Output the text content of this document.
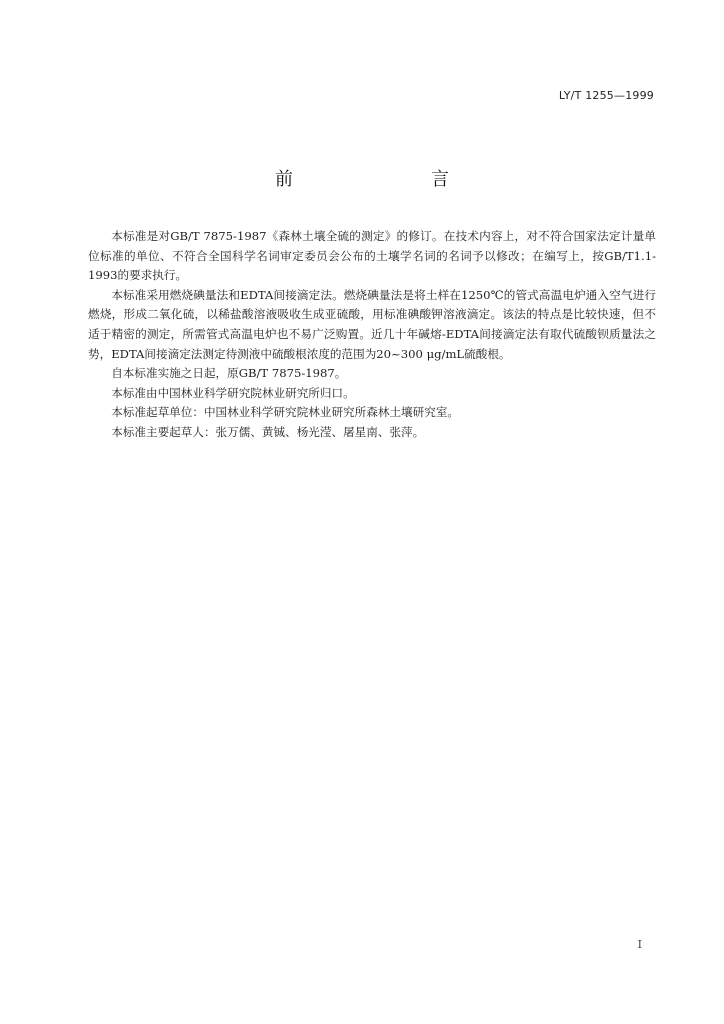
LY/T 1255—1999
前　　言

本标准是对GB/T 7875-1987《森林土壤全硫的测定》的修订。在技术内容上，对不符合国家法定计量单位标准的单位、不符合全国科学名词审定委员会公布的土壤学名词的名词予以修改；在编写上，按GB/T1.1-1993的要求执行。

本标准采用燃烧碘量法和EDTA间接滴定法。燃烧碘量法是将土样在1250℃的管式高温电炉通入空气进行燃烧，形成二氧化硫，以稀盐酸溶液吸收生成亚硫酸，用标准碘酸钾溶液滴定。该法的特点是比较快速，但不适于精密的测定，所需管式高温电炉也不易广泛购置。近几十年碱熔-EDTA间接滴定法有取代硫酸钡质量法之势，EDTA间接滴定法测定待测液中硫酸根浓度的范围为20~300 μg/mL硫酸根。

自本标准实施之日起，原GB/T 7875-1987。

本标准由中国林业科学研究院林业研究所归口。

本标准起草单位：中国林业科学研究院林业研究所森林土壤研究室。

本标准主要起草人：张万儒、黄铖、杨光滢、屠星南、张萍。

I
